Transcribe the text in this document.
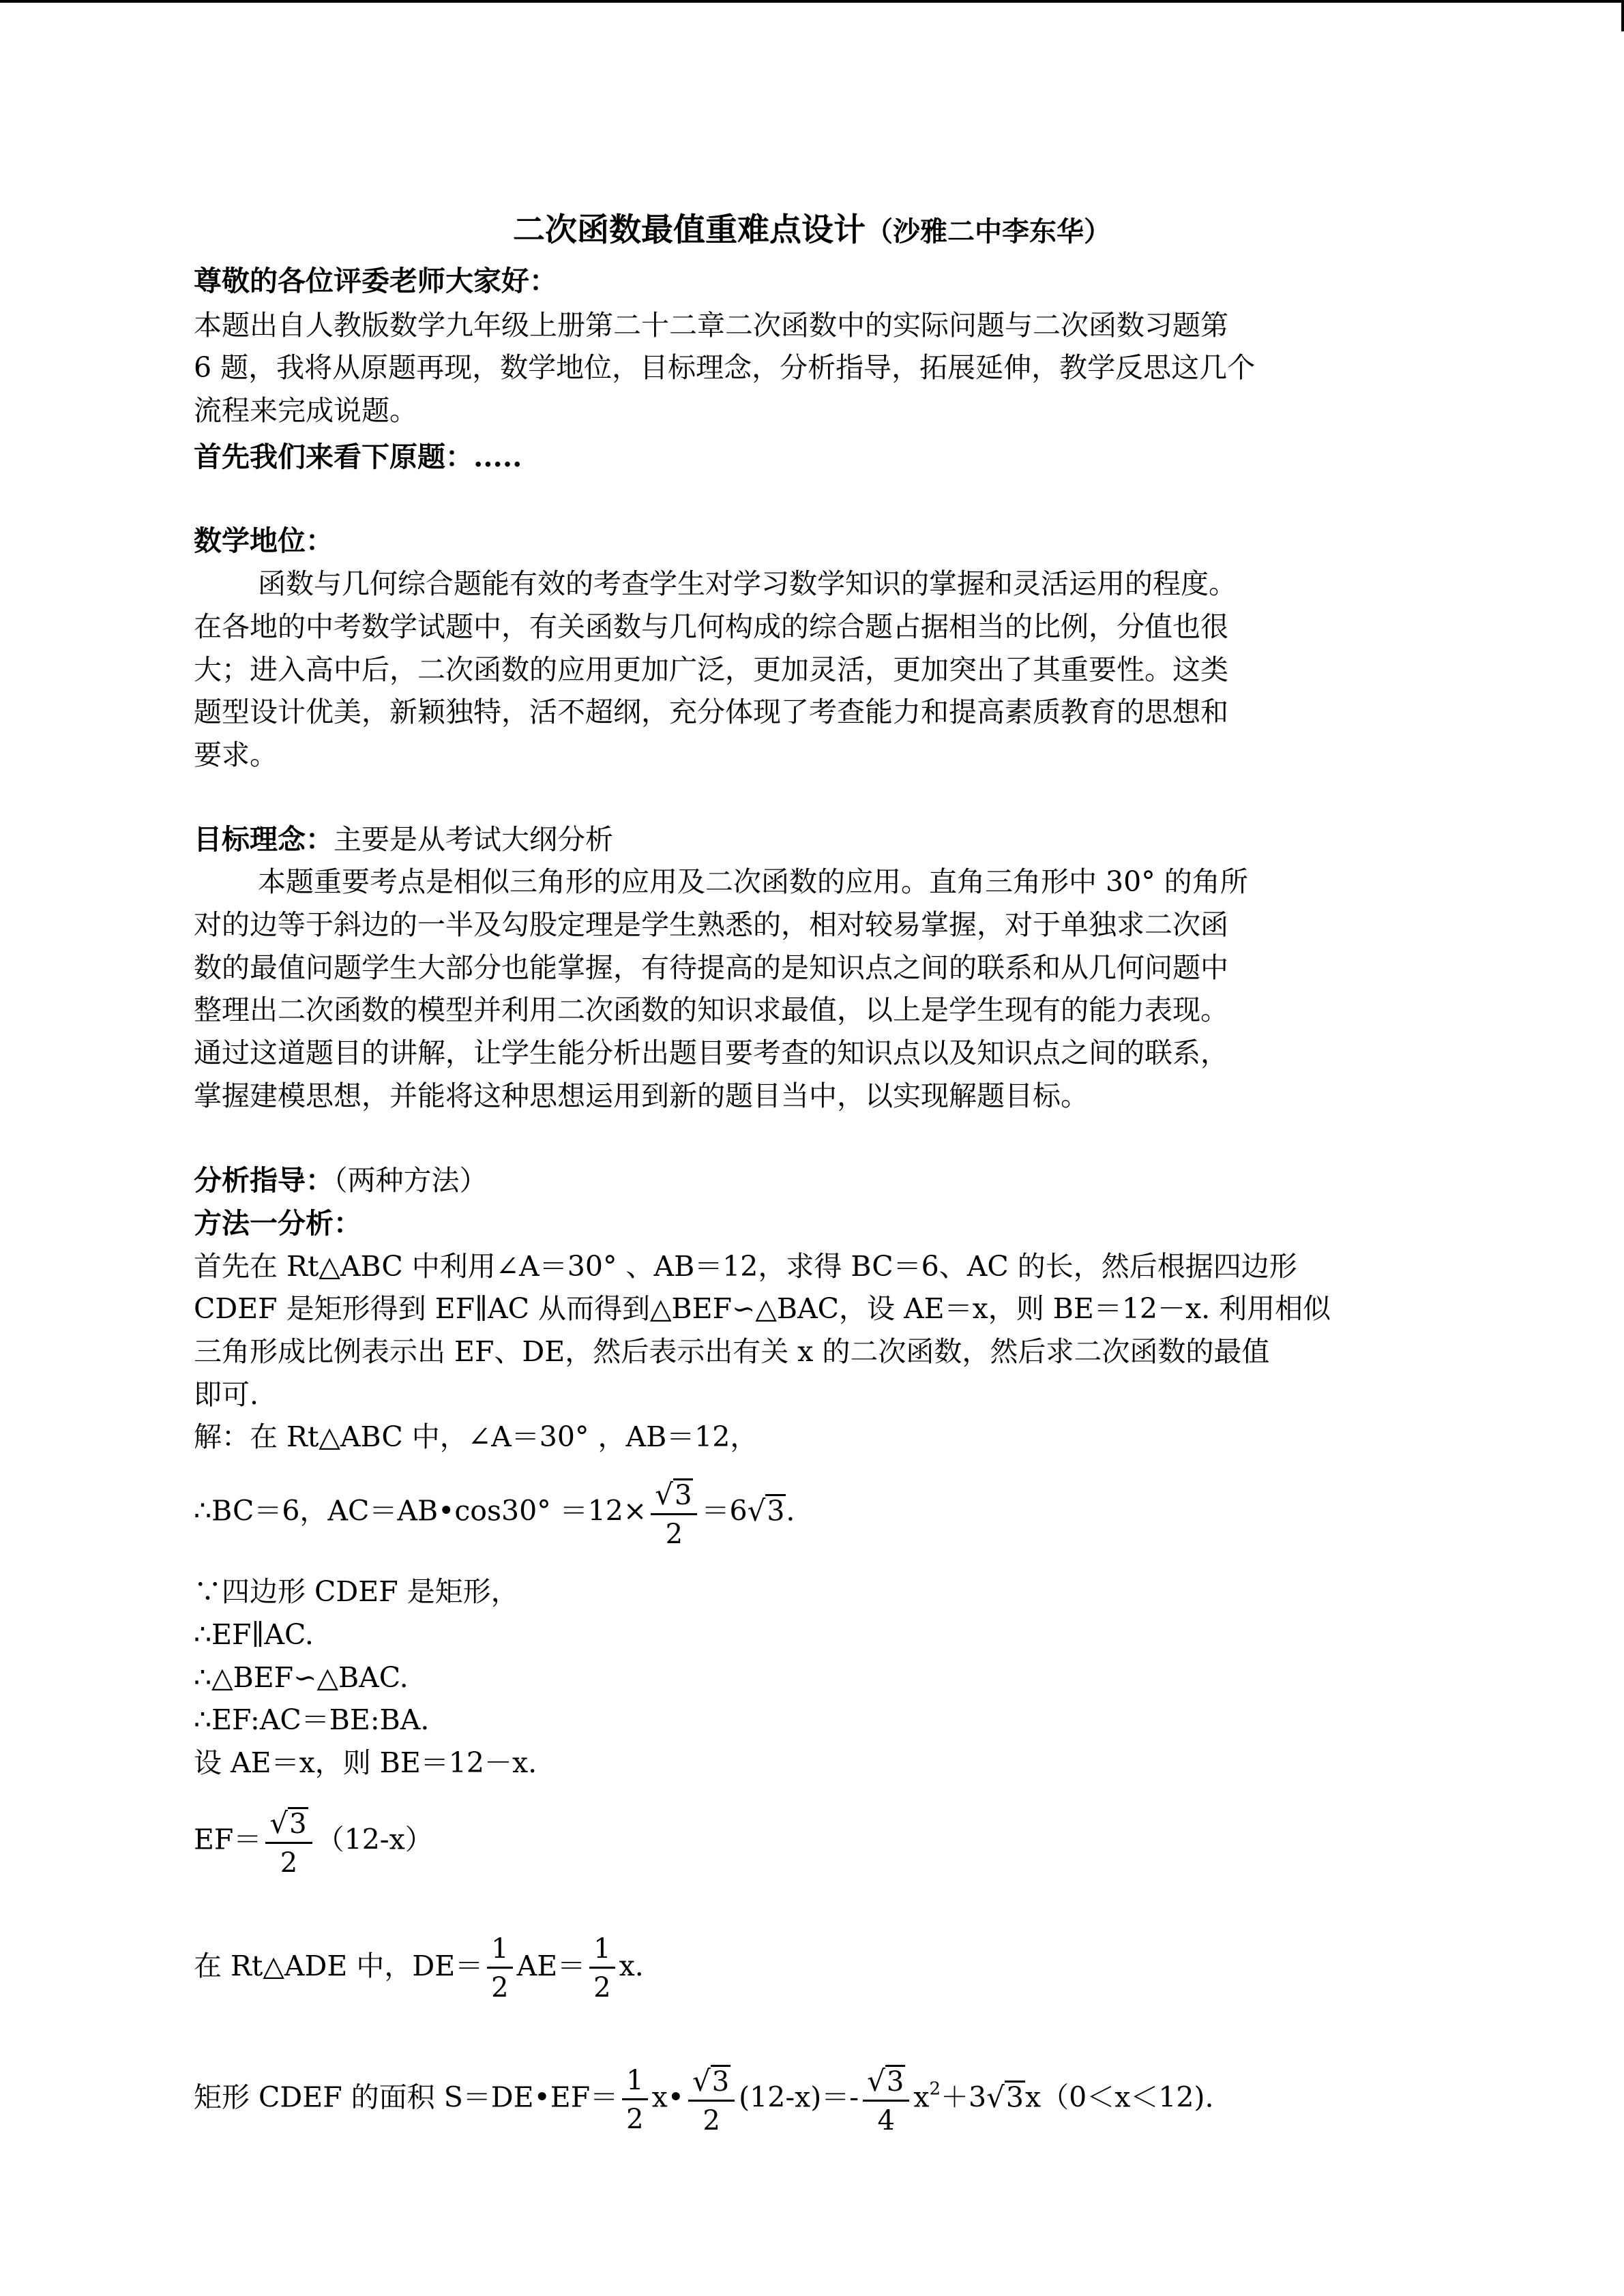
二次函数最值重难点设计（沙雅二中李东华）
尊敬的各位评委老师大家好：
本题出自人教版数学九年级上册第二十二章二次函数中的实际问题与二次函数习题第
6 题，我将从原题再现，数学地位，目标理念，分析指导，拓展延伸，教学反思这几个
流程来完成说题。
首先我们来看下原题：.....
数学地位：
函数与几何综合题能有效的考查学生对学习数学知识的掌握和灵活运用的程度。
在各地的中考数学试题中，有关函数与几何构成的综合题占据相当的比例，分值也很
大；进入高中后，二次函数的应用更加广泛，更加灵活，更加突出了其重要性。这类
题型设计优美，新颖独特，活不超纲，充分体现了考查能力和提高素质教育的思想和
要求。
目标理念：主要是从考试大纲分析
本题重要考点是相似三角形的应用及二次函数的应用。直角三角形中 30° 的角所
对的边等于斜边的一半及勾股定理是学生熟悉的，相对较易掌握，对于单独求二次函
数的最值问题学生大部分也能掌握，有待提高的是知识点之间的联系和从几何问题中
整理出二次函数的模型并利用二次函数的知识求最值，以上是学生现有的能力表现。
通过这道题目的讲解，让学生能分析出题目要考查的知识点以及知识点之间的联系，
掌握建模思想，并能将这种思想运用到新的题目当中，以实现解题目标。
分析指导：（两种方法）
方法一分析：
首先在 Rt△ABC 中利用∠A＝30° 、AB＝12，求得 BC＝6、AC 的长，然后根据四边形
CDEF 是矩形得到 EF∥AC 从而得到△BEF∽△BAC，设 AE＝x，则 BE＝12－x. 利用相似
三角形成比例表示出 EF、DE，然后表示出有关 x 的二次函数，然后求二次函数的最值
即可.
解：在 Rt△ABC 中，∠A＝30° ，AB＝12，
∴BC＝6，AC＝AB•cos30° $=12\times \frac{√ 3}{2} =6$ √ 3 .
∵四边形 CDEF 是矩形，
∴EF∥AC.
∴△BEF∽△BAC.
∴EF:AC＝BE:BA.
设 AE＝x，则 BE＝12－x.
$EF= \frac{√ 3}{2} (12-x)$
在 Rt△ADE 中，$DE= \frac{1}{2} AE= \frac{1}{2} x$.
矩形 CDEF 的面积 S＝DE•EF＝ $\frac{1}{2}$ x• $\frac{√ 3}{2} (12-x)=- \frac{√ 3}{4} x^2+3$ √ 3 x（0＜x＜12).
